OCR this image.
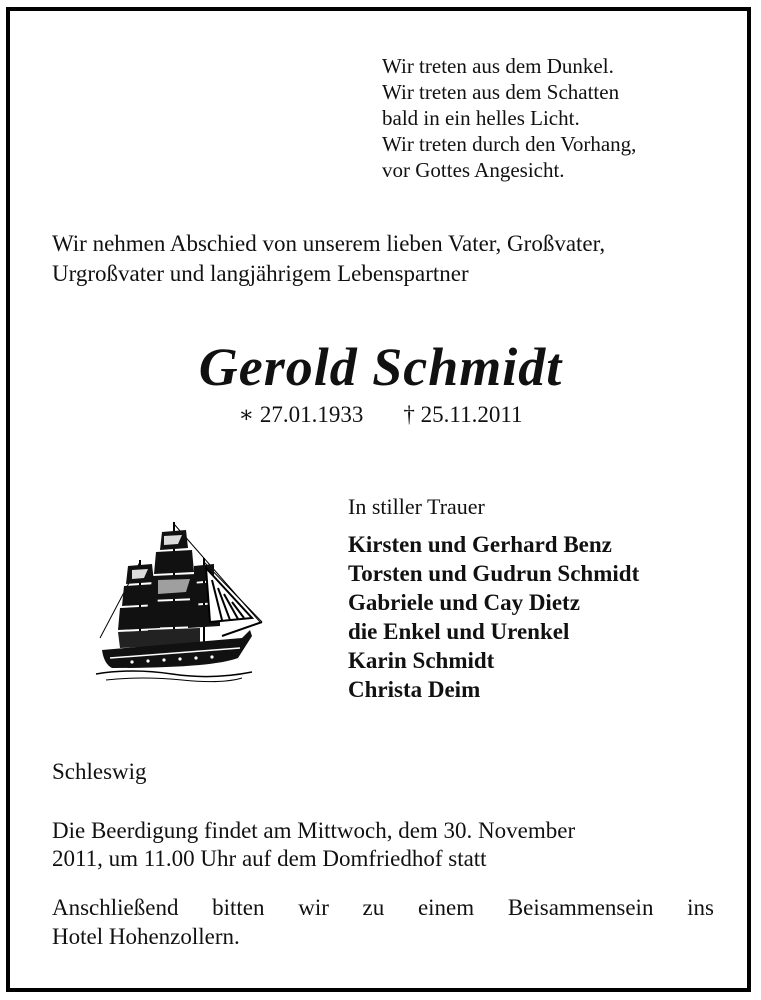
Wir treten aus dem Dunkel.
Wir treten aus dem Schatten
bald in ein helles Licht.
Wir treten durch den Vorhang,
vor Gottes Angesicht.
Wir nehmen Abschied von unserem lieben Vater, Großvater,
Urgroßvater und langjährigem Lebenspartner
Gerold Schmidt
∗ 27.01.1933 † 25.11.2011
In stiller Trauer
Kirsten und Gerhard Benz
Torsten und Gudrun Schmidt
Gabriele und Cay Dietz
die Enkel und Urenkel
Karin Schmidt
Christa Deim
Schleswig
Die Beerdigung findet am Mittwoch, dem 30. November
2011, um 11.00 Uhr auf dem Domfriedhof statt
Anschließend bitten wir zu einem Beisammensein ins
Hotel Hohenzollern.
